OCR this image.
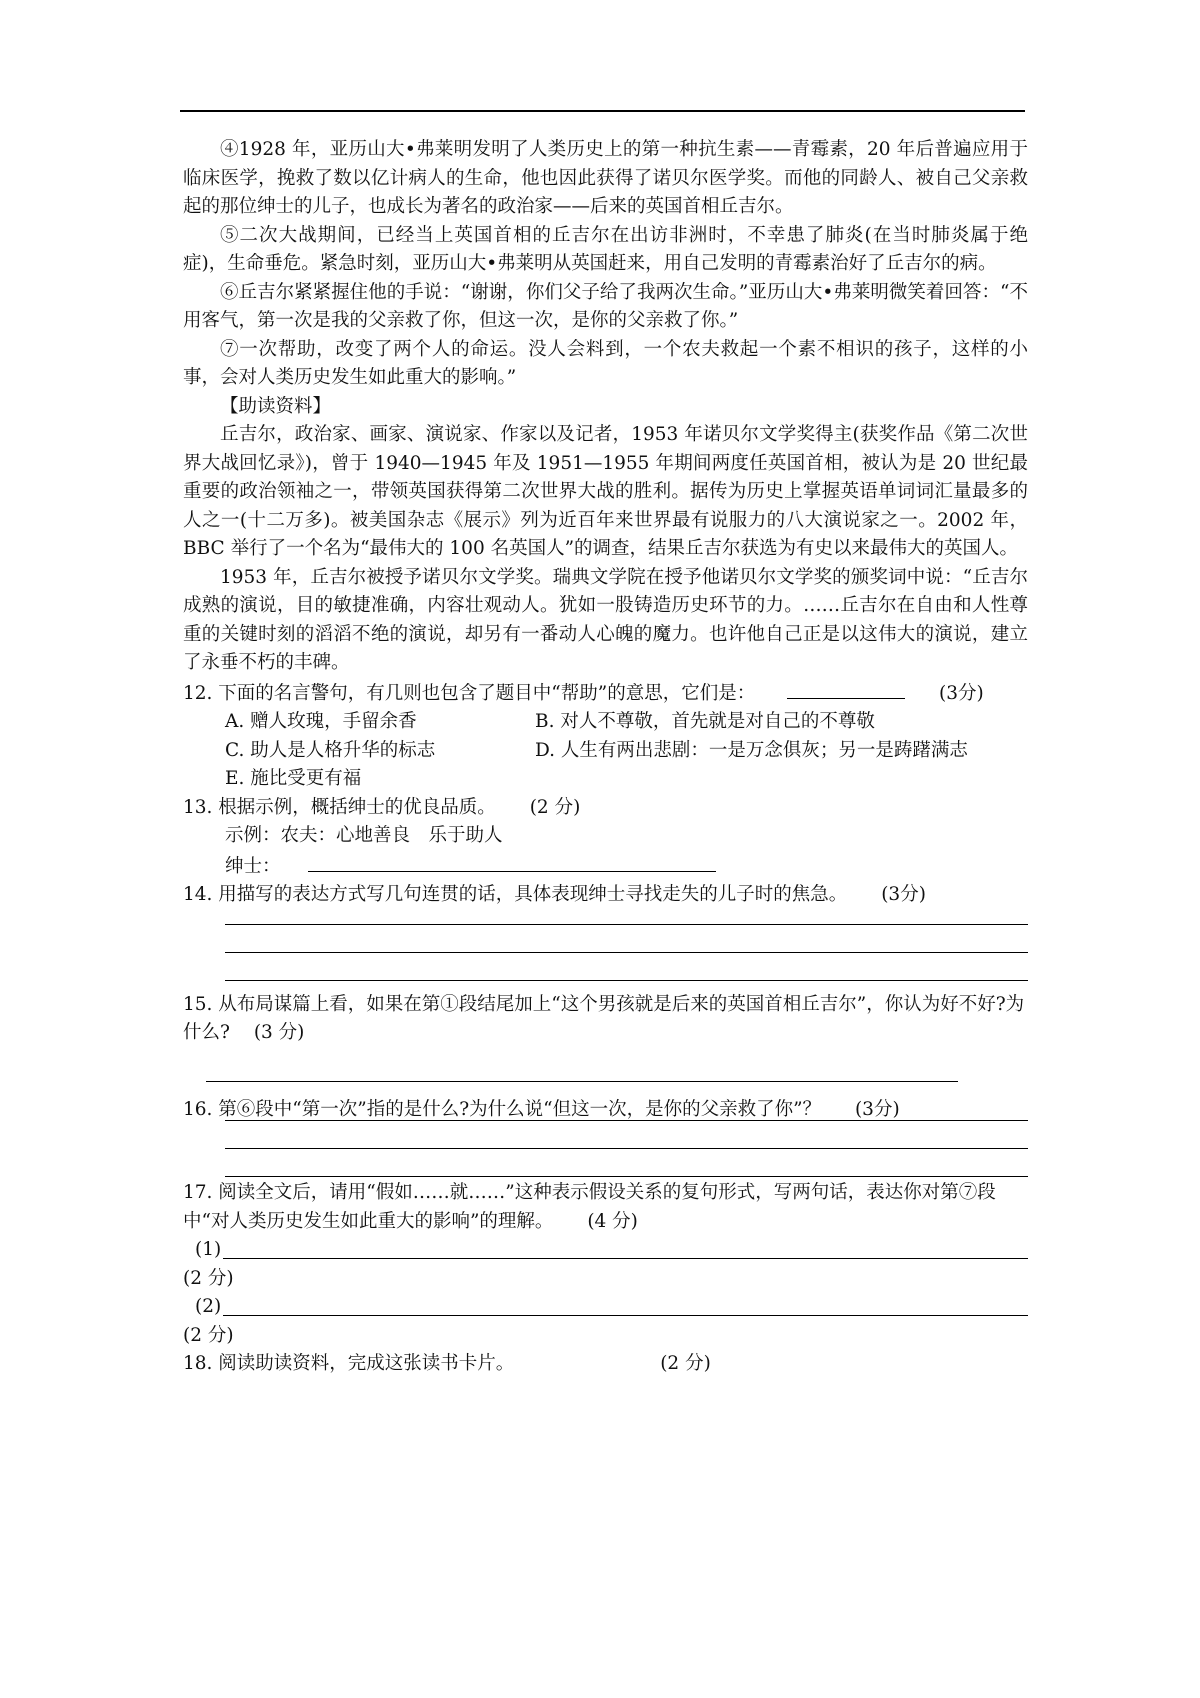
④1928 年，亚历山大•弗莱明发明了人类历史上的第一种抗生素——青霉素，20 年后普遍应用于临床医学，挽救了数以亿计病人的生命，他也因此获得了诺贝尔医学奖。而他的同龄人、被自己父亲救起的那位绅士的儿子，也成长为著名的政治家——后来的英国首相丘吉尔。

⑤二次大战期间，已经当上英国首相的丘吉尔在出访非洲时，不幸患了肺炎(在当时肺炎属于绝症)，生命垂危。紧急时刻，亚历山大•弗莱明从英国赶来，用自己发明的青霉素治好了丘吉尔的病。

⑥丘吉尔紧紧握住他的手说：“谢谢，你们父子给了我两次生命。”亚历山大•弗莱明微笑着回答：“不用客气，第一次是我的父亲救了你，但这一次，是你的父亲救了你。”

⑦一次帮助，改变了两个人的命运。没人会料到，一个农夫救起一个素不相识的孩子，这样的小事，会对人类历史发生如此重大的影响。”

【助读资料】

丘吉尔，政治家、画家、演说家、作家以及记者，1953 年诺贝尔文学奖得主(获奖作品《第二次世界大战回忆录》)，曾于 1940—1945 年及 1951—1955 年期间两度任英国首相，被认为是 20 世纪最重要的政治领袖之一，带领英国获得第二次世界大战的胜利。据传为历史上掌握英语单词词汇量最多的人之一(十二万多)。被美国杂志《展示》列为近百年来世界最有说服力的八大演说家之一。2002 年，BBC 举行了一个名为“最伟大的 100 名英国人”的调查，结果丘吉尔获选为有史以来最伟大的英国人。

1953 年，丘吉尔被授予诺贝尔文学奖。瑞典文学院在授予他诺贝尔文学奖的颁奖词中说：“丘吉尔成熟的演说，目的敏捷准确，内容壮观动人。犹如一股铸造历史环节的力。……丘吉尔在自由和人性尊重的关键时刻的滔滔不绝的演说，却另有一番动人心魄的魔力。也许他自己正是以这伟大的演说，建立了永垂不朽的丰碑。

12. 下面的名言警句，有几则也包含了题目中“帮助”的意思，它们是：	(3分)

A. 赠人玫瑰，手留余香	B. 对人不尊敬，首先就是对自己的不尊敬
C. 助人是人格升华的标志	D. 人生有两出悲剧：一是万念俱灰；另一是踌躇满志
E. 施比受更有福

13. 根据示例，概括绅士的优良品质。 (2 分)

示例：农夫：心地善良　乐于助人

绅士：

14. 用描写的表达方式写几句连贯的话，具体表现绅士寻找走失的儿子时的焦急。 (3分)

15. 从布局谋篇上看，如果在第①段结尾加上“这个男孩就是后来的英国首相丘吉尔”，你认为好不好?为什么? (3 分)

16. 第⑥段中“第一次”指的是什么?为什么说“但这一次，是你的父亲救了你”？ (3分)

17. 阅读全文后，请用“假如……就……”这种表示假设关系的复句形式，写两句话，表达你对第⑦段中“对人类历史发生如此重大的影响”的理解。 (4 分)

(1)

(2 分)

(2)

(2 分)

18. 阅读助读资料，完成这张读书卡片。	(2 分)
